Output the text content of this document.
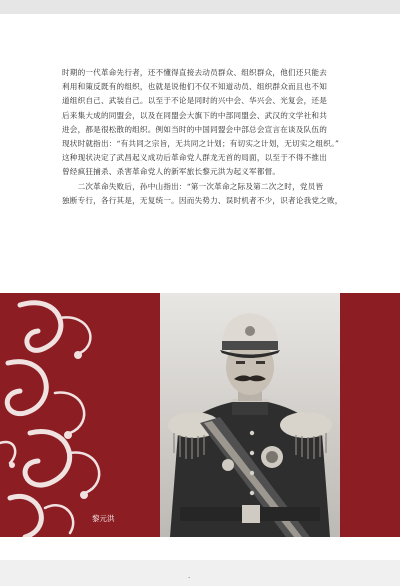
时期的一代革命先行者，还不懂得直接去动员群众、组织群众，他们还只能去

利用和策反既有的组织，也就是说他们不仅不知道动员、组织群众而且也不知

道组织自己、武装自己。以至于不论是同时的兴中会、华兴会、光复会，还是

后来集大成的同盟会，以及在同盟会大旗下的中部同盟会、武汉的文学社和共

进会，都是很松散的组织。例如当时的中国同盟会中部总会宣言在谈及队伍的

现状时就指出：“有共同之宗旨，无共同之计划；有切实之计划，无切实之组织。”

这种现状决定了武昌起义成功后革命党人群龙无首的局面，以至于不得不推出

曾经疯狂捕杀、杀害革命党人的新军旅长黎元洪为起义军都督。

　　二次革命失败后，孙中山指出：“第一次革命之际及第二次之时，党员皆

独断专行，各行其是，无复统一。因而失势力、误时机者不少，识者论我党之败，

黎元洪
·
